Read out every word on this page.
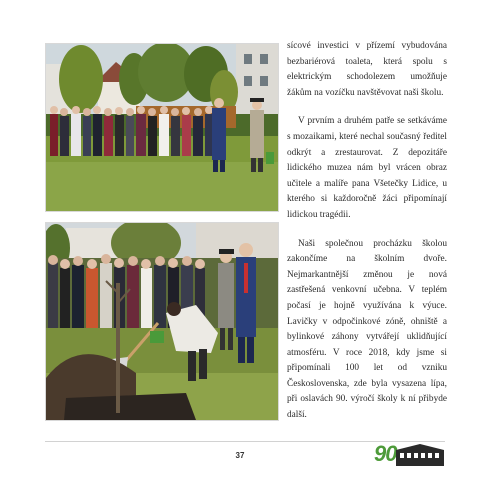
sícové investici v přízemí vybudována bezbariérová toaleta, která spolu s elektrickým schodolezem umožňuje žákům na vozíčku navštěvovat naši školu.

V prvním a druhém patře se setkáváme s mozaikami, které nechal současný ředitel odkrýt a zrestaurovat. Z depozitáře lidického muzea nám byl vrácen obraz učitele a malíře pana Všetečky Lidice, u kterého si každoročně žáci připomínají lidickou tragédii.

Naši společnou procházku školou zakončíme na školním dvoře. Nejmarkantnější změnou je nová zastřešená venkovní učebna. V teplém počasí je hojně využívána k výuce. Lavičky v odpočinkové zóně, ohniště a bylinkové záhony vytvářejí uklidňující atmosféru. V roce 2018, kdy jsme si připomínali 100 let od vzniku Československa, zde byla vysazena lípa, při oslavách 90. výročí školy k ní přibyde další.

37	90
